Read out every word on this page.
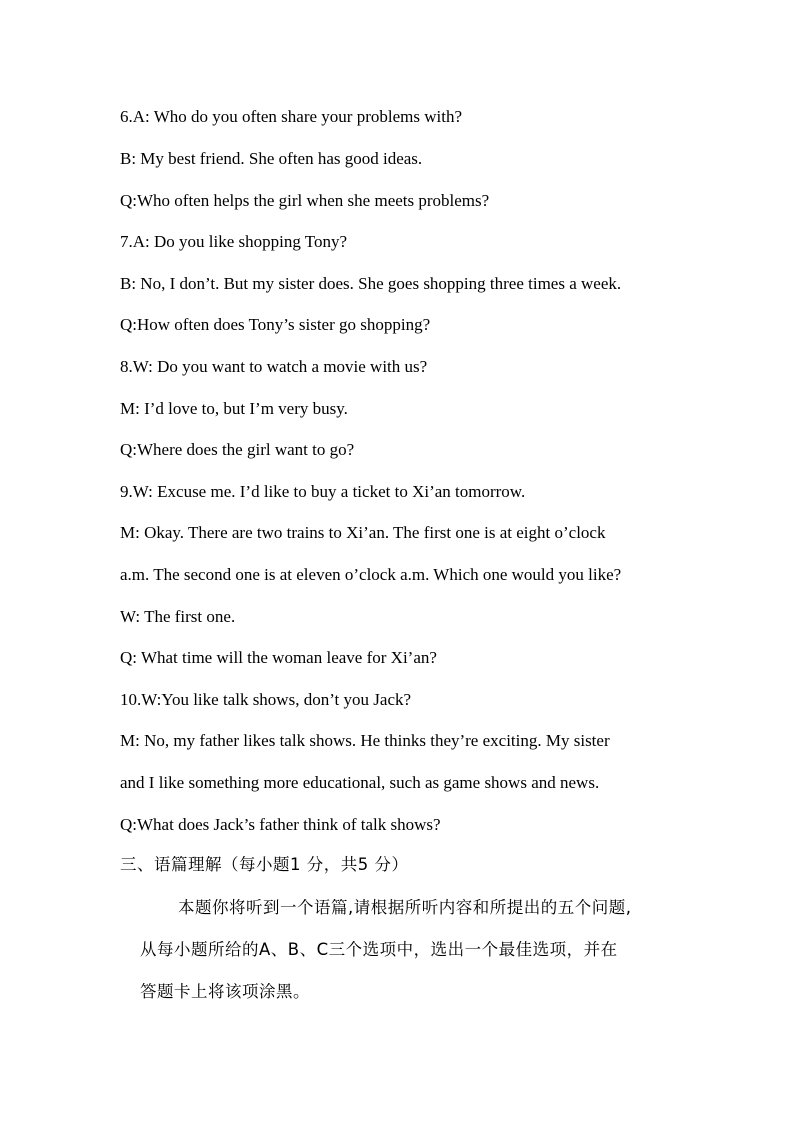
6.A: Who do you often share your problems with?
B: My best friend. She often has good ideas.
Q:Who often helps the girl when she meets problems?
7.A: Do you like shopping Tony?
B: No, I don’t. But my sister does. She goes shopping three times a week.
Q:How often does Tony’s sister go shopping?
8.W: Do you want to watch a movie with us?
M: I’d love to, but I’m very busy.
Q:Where does the girl want to go?
9.W: Excuse me. I’d like to buy a ticket to Xi’an tomorrow.
M: Okay. There are two trains to Xi’an. The first one is at eight o’clock
a.m. The second one is at eleven o’clock a.m. Which one would you like?
W: The first one.
Q: What time will the woman leave for Xi’an?
10.W:You like talk shows, don’t you Jack?
M: No, my father likes talk shows. He thinks they’re exciting. My sister
and I like something more educational, such as game shows and news.
Q:What does Jack’s father think of talk shows?
三、语篇理解（每小题1 分，共5 分）
本题你将听到一个语篇,请根据所听内容和所提出的五个问题,
从每小题所给的A、B、C三个选项中，选出一个最佳选项，并在
答题卡上将该项涂黑。
